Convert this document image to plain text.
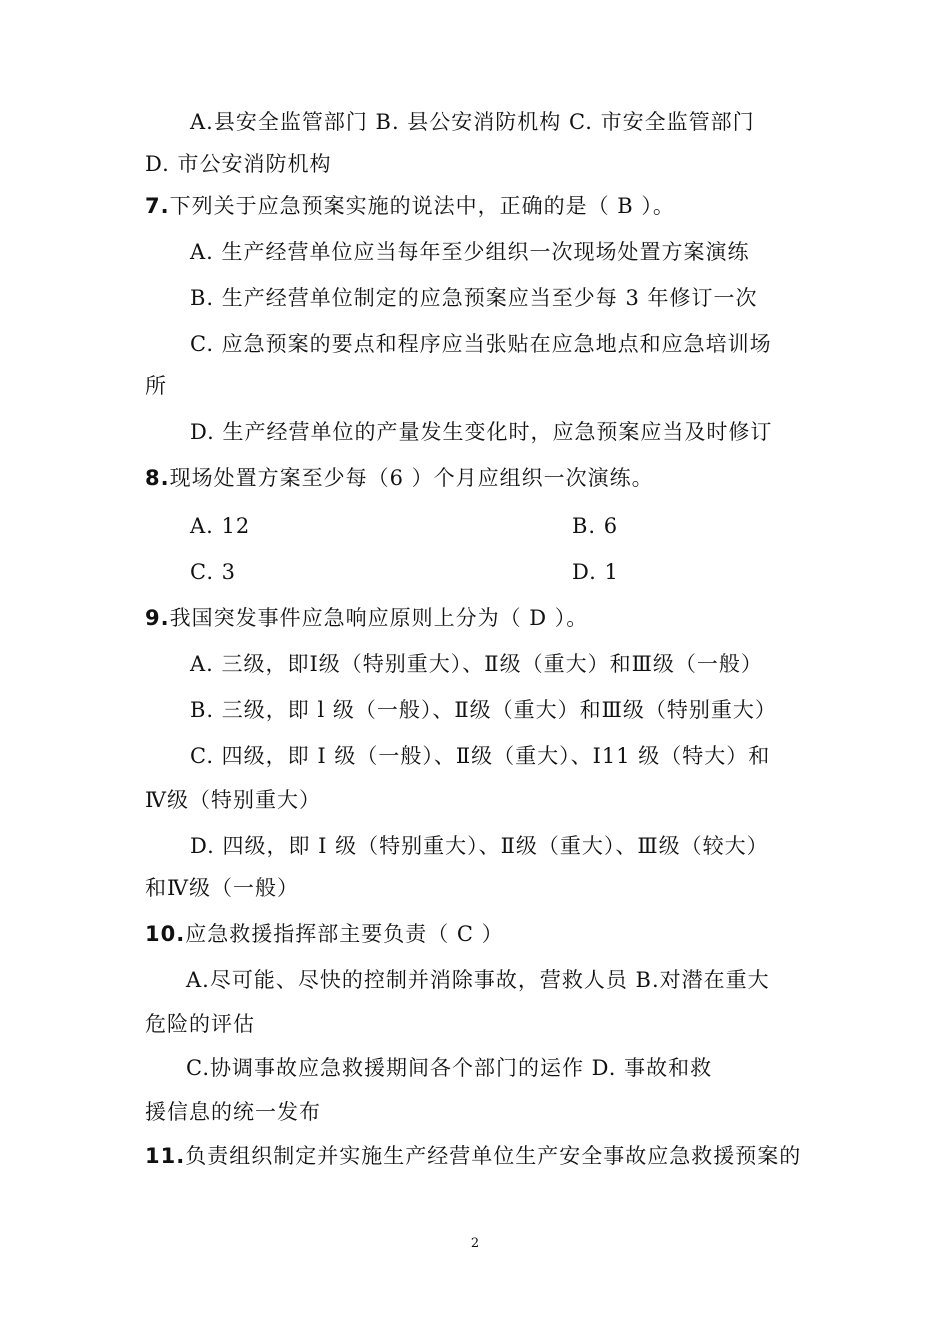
A.县安全监管部门 B. 县公安消防机构 C. 市安全监管部门
D. 市公安消防机构
7.下列关于应急预案实施的说法中，正确的是（ B ）。
A. 生产经营单位应当每年至少组织一次现场处置方案演练
B. 生产经营单位制定的应急预案应当至少每 3 年修订一次
C. 应急预案的要点和程序应当张贴在应急地点和应急培训场
所
D. 生产经营单位的产量发生变化时，应急预案应当及时修订
8.现场处置方案至少每（6 ）个月应组织一次演练。
A. 12	B. 6
C. 3	D. 1
9.我国突发事件应急响应原则上分为（ D ）。
A. 三级，即Ⅰ级（特别重大）、Ⅱ级（重大）和Ⅲ级（一般）
B. 三级，即 l 级（一般）、Ⅱ级（重大）和Ⅲ级（特别重大）
C. 四级，即 I 级（一般）、Ⅱ级（重大）、I11 级（特大）和
Ⅳ级（特别重大）
D. 四级，即 I 级（特别重大）、Ⅱ级（重大）、Ⅲ级（较大）
和Ⅳ级（一般）
10.应急救援指挥部主要负责（ C ）
A.尽可能、尽快的控制并消除事故，营救人员 B.对潜在重大
危险的评估
C.协调事故应急救援期间各个部门的运作 D. 事故和救
援信息的统一发布
11.负责组织制定并实施生产经营单位生产安全事故应急救援预案的
2
